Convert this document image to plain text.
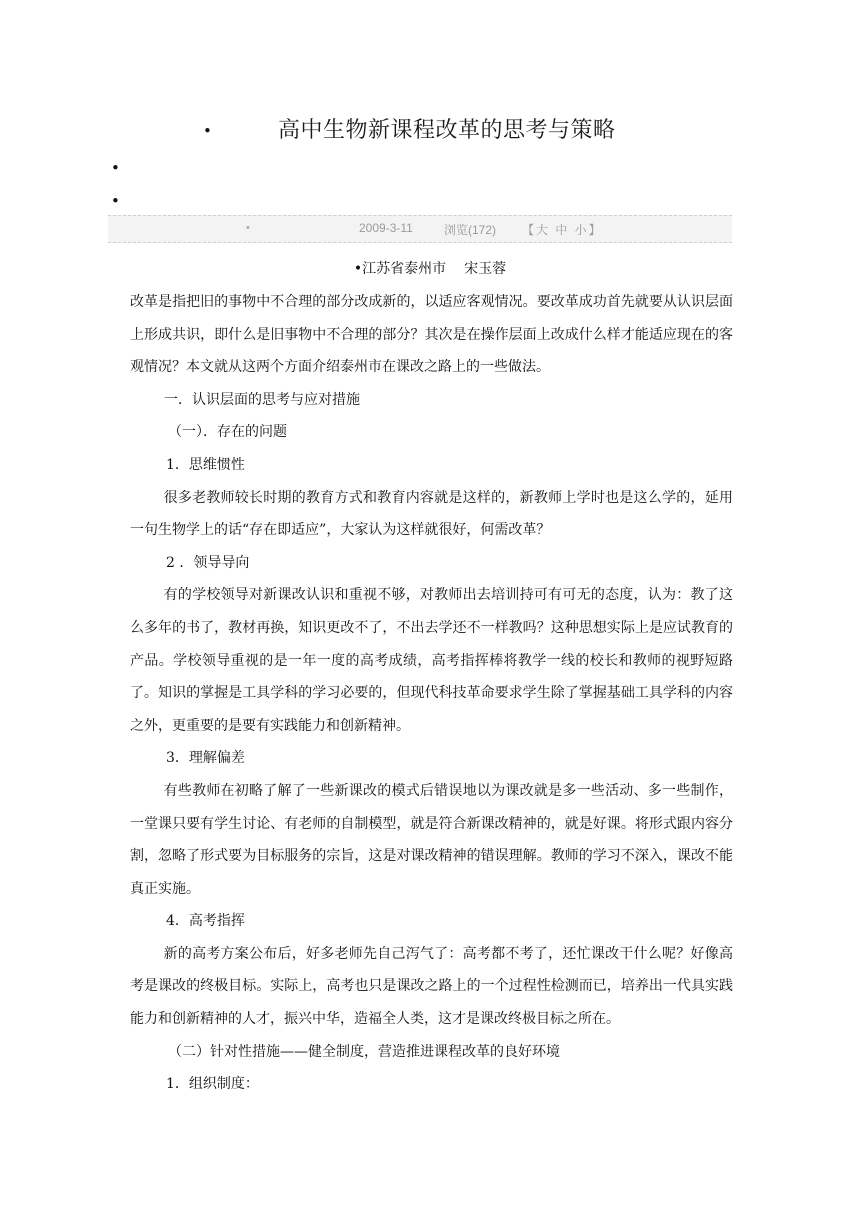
•	高中生物新课程改革的思考与策略
•
•
•	2009-3-11	浏览(172) 【大 中 小】
•江苏省泰州市 宋玉蓉

改革是指把旧的事物中不合理的部分改成新的，以适应客观情况。要改革成功首先就要从认识层面上形成共识，即什么是旧事物中不合理的部分？其次是在操作层面上改成什么样才能适应现在的客观情况？本文就从这两个方面介绍泰州市在课改之路上的一些做法。

一．认识层面的思考与应对措施

（一）．存在的问题

1．思维惯性

很多老教师较长时期的教育方式和教育内容就是这样的，新教师上学时也是这么学的，延用一句生物学上的话“存在即适应”，大家认为这样就很好，何需改革？

2 ．领导导向

有的学校领导对新课改认识和重视不够，对教师出去培训持可有可无的态度，认为：教了这么多年的书了，教材再换，知识更改不了，不出去学还不一样教吗？这种思想实际上是应试教育的产品。学校领导重视的是一年一度的高考成绩，高考指挥棒将教学一线的校长和教师的视野短路了。知识的掌握是工具学科的学习必要的，但现代科技革命要求学生除了掌握基础工具学科的内容之外，更重要的是要有实践能力和创新精神。

3．理解偏差

有些教师在初略了解了一些新课改的模式后错误地以为课改就是多一些活动、多一些制作，一堂课只要有学生讨论、有老师的自制模型，就是符合新课改精神的，就是好课。将形式跟内容分割，忽略了形式要为目标服务的宗旨，这是对课改精神的错误理解。教师的学习不深入，课改不能真正实施。

4．高考指挥

新的高考方案公布后，好多老师先自己泻气了：高考都不考了，还忙课改干什么呢？好像高考是课改的终极目标。实际上，高考也只是课改之路上的一个过程性检测而已，培养出一代具实践能力和创新精神的人才，振兴中华，造福全人类，这才是课改终极目标之所在。

（二）针对性措施——健全制度，营造推进课程改革的良好环境

1．组织制度：
